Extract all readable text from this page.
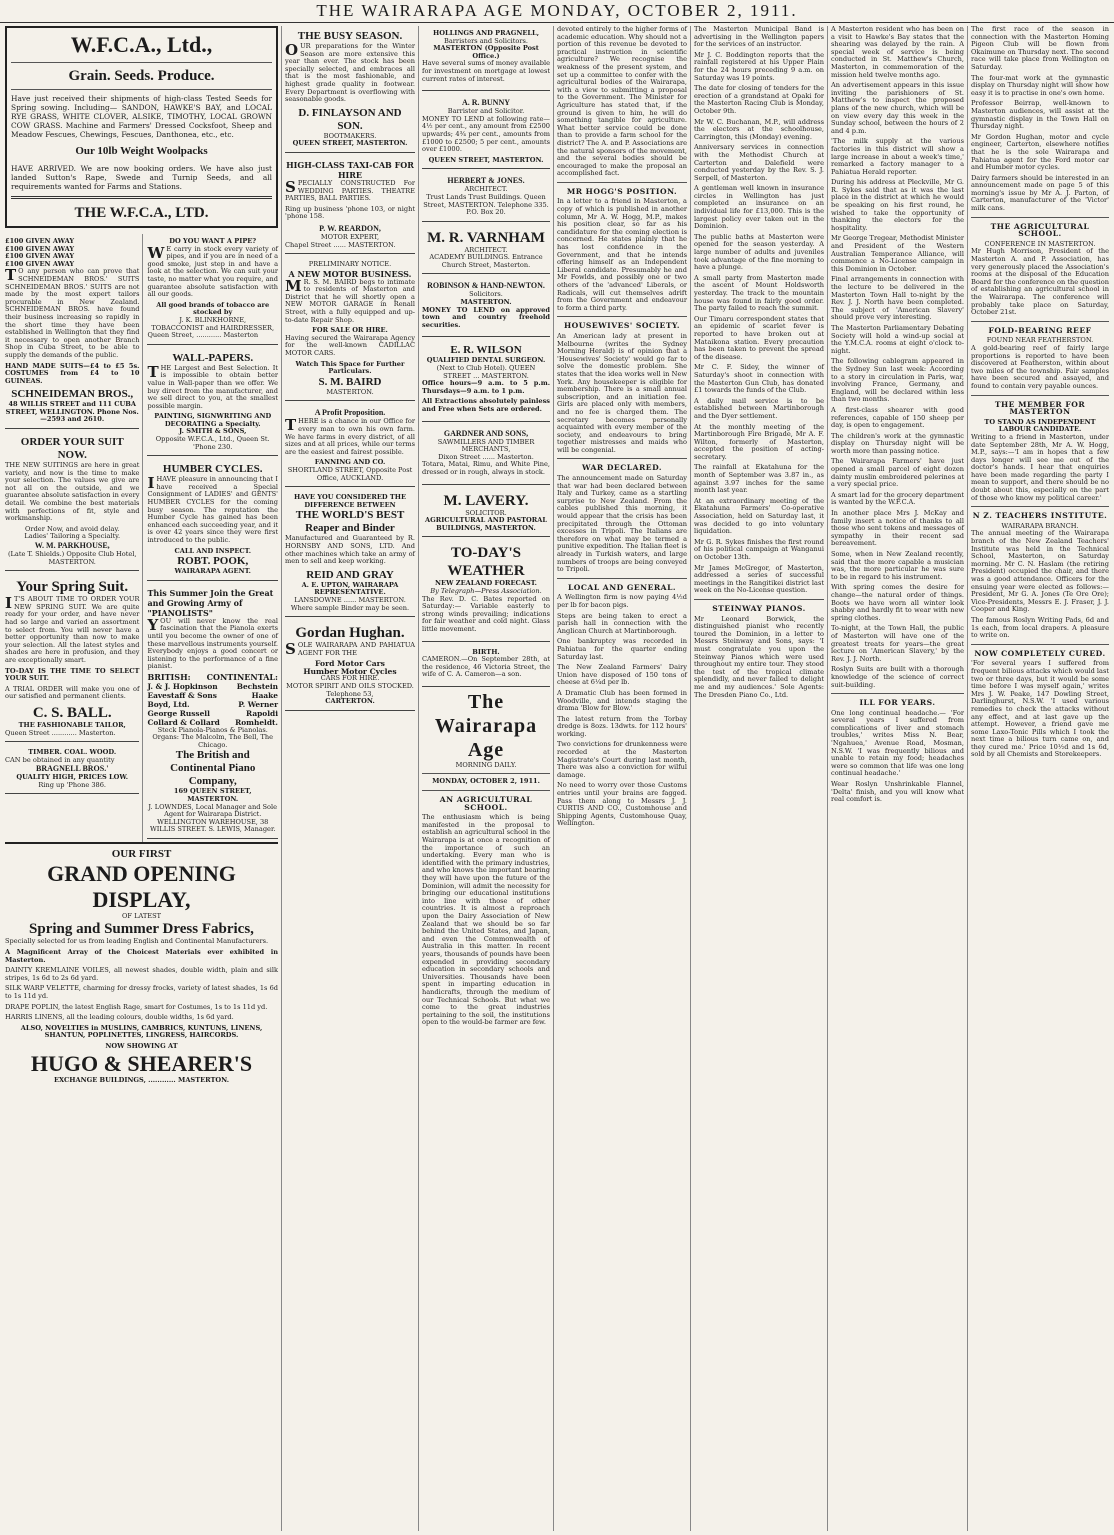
THE WAIRARAPA AGE MONDAY, OCTOBER 2, 1911.
W.F.C.A., Ltd.,
Grain. Seeds. Produce.

Have just received their shipments of high-class Tested Seeds for Spring sowing. Including— SANDON, HAWKE'S BAY, and LOCAL RYE GRASS, WHITE CLOVER, ALSIKE, TIMOTHY, LOCAL GROWN COW GRASS. Machine and Farmers' Dressed Cocksfoot, Sheep and Meadow Fescues, Chewings, Fescues, Danthonea, etc., etc.

Our 10lb Weight Woolpacks

HAVE ARRIVED. We are now booking orders. We have also just landed Sutton's Rape, Swede and Turnip Seeds, and all requirements wanted for Farms and Stations.

THE W.F.C.A., LTD.
£100 GIVEN AWAY
£100 GIVEN AWAY
£100 GIVEN AWAY
£100 GIVEN AWAY

TO any person who can prove that SCHNEIDEMAN BROS.' SUITS SCHNEIDEMAN BROS.' SUITS are not made by the most expert tailors procurable in New Zealand. SCHNEIDEMAN BROS. have found their business increasing so rapidly in the short time they have been established in Wellington that they find it necessary to open another Branch Shop in Cuba Street, to be able to supply the demands of the public.

HAND MADE SUITS—£4 to £5 5s. COSTUMES from £4 to 10 GUINEAS.

SCHNEIDEMAN BROS.,
48 WILLIS STREET and 111 CUBA STREET, WELLINGTON. Phone Nos.—2593 and 2610.
ORDER YOUR SUIT NOW.

THE NEW SUITINGS are here in great variety, and now is the time to make your selection. The values we give are not all on the outside, and we guarantee absolute satisfaction in every detail. We combine the best materials with perfections of fit, style and workmanship.

Order Now, and avoid delay.
Ladies' Tailoring a Specialty.
W. M. PARKHOUSE,
(Late T. Shields.) Opposite Club Hotel, MASTERTON.
Your Spring Suit.

IT'S ABOUT TIME TO ORDER YOUR NEW SPRING SUIT. We are quite ready for your order, and have never had so large and varied an assortment to select from. You will never have a better opportunity than now to make your selection. All the latest styles and shades are here in profusion, and they are exceptionally smart.

TO-DAY IS THE TIME TO SELECT YOUR SUIT.

A TRIAL ORDER will make you one of our satisfied and permanent clients.

C. S. BALL.
THE FASHIONABLE TAILOR,
Queen Street ............ Masterton.
TIMBER. COAL. WOOD.
CAN be obtained in any quantity
BRAGNELL BROS.'
QUALITY HIGH, PRICES LOW.
Ring up 'Phone 386.
DO YOU WANT A PIPE?

WE carry in stock every variety of pipes, and if you are in need of a good smoke, just step in and have a look at the selection. We can suit your taste, no matter what you require, and guarantee absolute satisfaction with all our goods.

All good brands of tobacco are stocked by
J. K. BLINKHORNE,
TOBACCONIST and HAIRDRESSER,
Queen Street, ............ Masterton
WALL-PAPERS.

THE Largest and Best Selection. It is impossible to obtain better value in Wall-paper than we offer. We buy direct from the manufacturer, and we sell direct to you, at the smallest possible margin.

PAINTING, SIGNWRITING AND DECORATING a Specialty.
J. SMITH & SONS,
Opposite W.F.C.A., Ltd., Queen St. 'Phone 230.
HUMBER CYCLES.

IHAVE pleasure in announcing that I have received a Special Consignment of LADIES' and GENTS' HUMBER CYCLES for the coming busy season. The reputation the Humber Cycle has gained has been enhanced each succeeding year, and it is over 42 years since they were first introduced to the public.

CALL AND INSPECT.
ROBT. POOK,
WAIRARAPA AGENT.
This Summer Join the Great and Growing Army of "PIANOLISTS"

YOU will never know the real fascination that the Pianola exerts until you become the owner of one of these marvellous instruments yourself. Everybody enjoys a good concert or listening to the performance of a fine pianist.

BRITISH: CONTINENTAL:
J. & J. Hopkinson
Eavestaff & Sons
Boyd, Ltd.
George Russell
Collard & Collard
Bechstein
Haake
P. Werner
Rapoldi
Romheldt.
Steck Pianola-Pianos & Pianolas.
Organs: The Malcolm, The Bell, The Chicago.
The British and Continental Piano Company,
169 QUEEN STREET, MASTERTON.
J. LOWNDES, Local Manager and Sole Agent for Wairarapa District.
WELLINGTON WAREHOUSE, 38 WILLIS STREET. S. LEWIS, Manager.
OUR FIRST
GRAND OPENING DISPLAY,
OF LATEST
Spring and Summer Dress Fabrics,

Specially selected for us from leading English and Continental Manufacturers.

A Magnificent Array of the Choicest Materials ever exhibited in Masterton.

DAINTY KREMLAINE VOILES, all newest shades, double width, plain and silk stripes, 1s 6d to 2s 6d yard.

SILK WARP VELETTE, charming for dressy frocks, variety of latest shades, 1s 6d to 1s 11d yd.

DRAPE POPLIN, the latest English Rage, smart for Costumes, 1s to 1s 11d yd.

HARRIS LINENS, all the leading colours, double widths, 1s 6d yard.

ALSO, NOVELTIES in MUSLINS, CAMBRICS, KUNTUNS, LINENS, SHANTUN, POPLINETTES, LINGRESS, HAIRCORDS.

NOW SHOWING AT
HUGO & SHEARER'S
EXCHANGE BUILDINGS, ............ MASTERTON.
THE BUSY SEASON.

OUR preparations for the Winter Season are more extensive this year than ever. The stock has been specially selected, and embraces all that is the most fashionable, and highest grade quality in footwear. Every Department is overflowing with seasonable goods.

D. FINLAYSON AND SON.
BOOTMAKERS.
QUEEN STREET, MASTERTON.
HIGH-CLASS TAXI-CAB FOR HIRE

SPECIALLY CONSTRUCTED For WEDDING PARTIES. THEATRE PARTIES, BALL PARTIES.

Ring up business 'phone 103, or night 'phone 158.

P. W. REARDON,
MOTOR EXPERT,
Chapel Street ...... MASTERTON.
PRELIMINARY NOTICE.
A NEW MOTOR BUSINESS.

MR. S. M. BAIRD begs to intimate to residents of Masterton and District that he will shortly open a NEW MOTOR GARAGE in Renall Street, with a fully equipped and up-to-date Repair Shop.

FOR SALE OR HIRE.

Having secured the Wairarapa Agency for the well-known CADILLAC MOTOR CARS.

Watch This Space for Further Particulars.
S. M. BAIRD
MASTERTON.
A Profit Proposition.

THERE is a chance in our Office for every man to own his own farm. We have farms in every district, of all sizes and at all prices, while our terms are the easiest and fairest possible.

FANNING AND CO.
SHORTLAND STREET, Opposite Post Office, AUCKLAND.
HAVE YOU CONSIDERED THE DIFFERENCE BETWEEN
THE WORLD'S BEST Reaper and Binder

Manufactured and Guaranteed by R. HORNSBY AND SONS, LTD. And other machines which take an army of men to sell and keep working.

REID AND GRAY
A. E. UPTON, WAIRARAPA REPRESENTATIVE.
LANSDOWNE ...... MASTERTON.
Where sample Binder may be seen.
Gordan Hughan.

SOLE WAIRARAPA AND PAHIATUA AGENT FOR THE

Ford Motor Cars
Humber Motor Cycles
CARS FOR HIRE.
MOTOR SPIRIT AND OILS STOCKED.
Telephone 53,
CARTERTON.
HOLLINGS AND PRAGNELL,
Barristers and Solicitors.
MASTERTON (Opposite Post Office.)

Have several sums of money available for investment on mortgage at lowest current rates of interest.

A. R. BUNNY
Barrister and Solicitor.

MONEY TO LEND at following rate—4½ per cent., any amount from £2500 upwards; 4¾ per cent., amounts from £1000 to £2500; 5 per cent., amounts over £1000.

QUEEN STREET, MASTERTON.
HERBERT & JONES.
ARCHITECT.
Trust Lands Trust Buildings. Queen Street, MASTERTON. Telephone 335. P.O. Box 20.
M. R. VARNHAM
ARCHITECT.
ACADEMY BUILDINGS. Entrance Church Street, Masterton.
ROBINSON & HAND-NEWTON.
Solicitors.
MASTERTON.

MONEY TO LEND on approved town and country freehold securities.

E. R. WILSON
QUALIFIED DENTAL SURGEON.
(Next to Club Hotel). QUEEN STREET ... MASTERTON.

Office hours—9 a.m. to 5 p.m. Thursdays—9 a.m. to 1 p.m.

All Extractions absolutely painless and Free when Sets are ordered.

GARDNER AND SONS,
SAWMILLERS AND TIMBER MERCHANTS,
Dixon Street ...... Masterton.

Totara, Matai, Rimu, and White Pine, dressed or in rough, always in stock.

M. LAVERY.
SOLICITOR.
AGRICULTURAL AND PASTORAL BUILDINGS, MASTERTON.
TO-DAY'S WEATHER
NEW ZEALAND FORECAST.
By Telegraph—Press Association.

The Rev. D. C. Bates reported on Saturday:— Variable easterly to strong winds prevailing; indications for fair weather and cold night. Glass little movement.

BIRTH.

CAMERON.—On September 28th, at the residence, 46 Victoria Street, the wife of C. A. Cameron—a son.

The Wairarapa Age
MORNING DAILY.
MONDAY, OCTOBER 2, 1911.
AN AGRICULTURAL SCHOOL.

The enthusiasm which is being manifested in the proposal to establish an agricultural school in the Wairarapa is at once a recognition of the importance of such an undertaking. Every man who is identified with the primary industries, and who knows the important bearing they will have upon the future of the Dominion, will admit the necessity for bringing our educational institutions into line with those of other countries. It is almost a reproach upon the Dairy Association of New Zealand that we should be so far behind the United States, and Japan, and even the Commonwealth of Australia in this matter. In recent years, thousands of pounds have been expended in providing secondary education in secondary schools and Universities. Thousands have been spent in imparting education in handicrafts, through the medium of our Technical Schools. But what we come to the great industries pertaining to the soil, the institutions open to the would-be farmer are few.

devoted entirely to the higher forms of academic education. Why should not a portion of this revenue be devoted to practical instruction in scientific agriculture? We recognise the weakness of the present system, and set up a committee to confer with the agricultural bodies of the Wairarapa, with a view to submitting a proposal to the Government. The Minister for Agriculture has stated that, if the ground is given to him, he will do something tangible for agriculture. What better service could be done than to provide a farm school for the district? The A. and P. Associations are the natural sponsors of the movement, and the several bodies should be encouraged to make the proposal an accomplished fact.

MR HOGG'S POSITION.

In a letter to a friend in Masterton, a copy of which is published in another column, Mr A. W. Hogg, M.P., makes his position clear, so far as his candidature for the coming election is concerned. He states plainly that he has lost confidence in the Government, and that he intends offering himself as an Independent Liberal candidate. Presumably he and Mr Fowlds, and possibly one or two others of the 'advanced' Liberals, or Radicals, will cut themselves adrift from the Government and endeavour to form a third party.

HOUSEWIVES' SOCIETY.

An American lady at present in Melbourne (writes the Sydney Morning Herald) is of opinion that a 'Housewives' Society' would go far to solve the domestic problem. She states that the idea works well in New York. Any housekeeper is eligible for membership. There is a small annual subscription, and an initiation fee. Girls are placed only with members, and no fee is charged them. The secretary becomes personally acquainted with every member of the society, and endeavours to bring together mistresses and maids who will be congenial.

WAR DECLARED.

The announcement made on Saturday that war had been declared between Italy and Turkey, came as a startling surprise to New Zealand. From the cables published this morning, it would appear that the crisis has been precipitated through the Ottoman excesses in Tripoli. The Italians are therefore on what may be termed a punitive expedition. The Italian fleet is already in Turkish waters, and large numbers of troops are being conveyed to Tripoli.

LOCAL AND GENERAL.

A Wellington firm is now paying 4½d per lb for bacon pigs.

Steps are being taken to erect a parish hall in connection with the Anglican Church at Martinborough.

One bankruptcy was recorded in Pahiatua for the quarter ending Saturday last.

The New Zealand Farmers' Dairy Union have disposed of 150 tons of cheese at 6¼d per lb.

A Dramatic Club has been formed in Woodville, and intends staging the drama 'Blow for Blow.'

The latest return from the Torbay dredge is 8ozs. 13dwts. for 112 hours' working.

Two convictions for drunkenness were recorded at the Masterton Magistrate's Court during last month, There was also a conviction for wilful damage.

No need to worry over those Customs entries until your brains are fagged. Pass them along to Messrs J. J. CURTIS AND CO., Customhouse and Shipping Agents, Customhouse Quay, Wellington.

The Masterton Municipal Band is advertising in the Wellington papers for the services of an instructor.

Mr J. C. Boddington reports that the rainfall registered at his Upper Plain for the 24 hours preceding 9 a.m. on Saturday was 19 points.

The date for closing of tenders for the erection of a grandstand at Opaki for the Masterton Racing Club is Monday, October 9th.

Mr W. C. Buchanan, M.P., will address the electors at the schoolhouse, Carrington, this (Monday) evening.

Anniversary services in connection with the Methodist Church at Carterton and Dalefield were conducted yesterday by the Rev. S. J. Serpell, of Masterton.

A gentleman well known in insurance circles in Wellington has just completed an insurance on an individual life for £13,000. This is the largest policy ever taken out in the Dominion.

The public baths at Masterton were opened for the season yesterday. A large number of adults and juveniles took advantage of the fine morning to have a plunge.

A small party from Masterton made the ascent of Mount Holdsworth yesterday. The track to the mountain house was found in fairly good order. The party failed to reach the summit.

Our Timaru correspondent states that an epidemic of scarlet fever is reported to have broken out at Mataikona station. Every precaution has been taken to prevent the spread of the disease.

Mr C. F. Sidey, the winner of Saturday's shoot in connection with the Masterton Gun Club, has donated £1 towards the funds of the Club.

A daily mail service is to be established between Martinborough and the Dyer settlement.

At the monthly meeting of the Martinborough Fire Brigade, Mr A. F. Wilton, formerly of Masterton, accepted the position of acting-secretary.

The rainfall at Ekatahuna for the month of September was 3.87 in., as against 3.97 inches for the same month last year.

At an extraordinary meeting of the Ekatahuna Farmers' Co-operative Association, held on Saturday last, it was decided to go into voluntary liquidation.

Mr G. R. Sykes finishes the first round of his political campaign at Wanganui on October 13th.

Mr James McGregor, of Masterton, addressed a series of successful meetings in the Rangitikei district last week on the No-License question.

STEINWAY PIANOS.

Mr Leonard Borwick, the distinguished pianist who recently toured the Dominion, in a letter to Messrs Steinway and Sons, says: 'I must congratulate you upon the Steinway Pianos which were used throughout my entire tour. They stood the test of the tropical climate splendidly, and never failed to delight me and my audiences.' Sole Agents: The Dresden Piano Co., Ltd.

A Masterton resident who has been on a visit to Hawke's Bay states that the shearing was delayed by the rain. A special week of service is being conducted in St. Matthew's Church, Masterton, in commemoration of the mission held twelve months ago.

An advertisement appears in this issue inviting the parishioners of St. Matthew's to inspect the proposed plans of the new church, which will be on view every day this week in the Sunday school, between the hours of 2 and 4 p.m.

'The milk supply at the various factories in this district will show a large increase in about a week's time,' remarked a factory manager to a Pahiatua Herald reporter.

During his address at Pleckville, Mr G. R. Sykes said that as it was the last place in the district at which he would be speaking on his first round, he wished to take the opportunity of thanking the electors for the hospitality.

Mr George Tregear, Methodist Minister and President of the Western Australian Temperance Alliance, will commence a No-License campaign in this Dominion in October.

Final arrangements in connection with the lecture to be delivered in the Masterton Town Hall to-night by the Rev. J. J. North have been completed. The subject of 'American Slavery' should prove very interesting.

The Masterton Parliamentary Debating Society will hold a wind-up social at the Y.M.C.A. rooms at eight o'clock to-night.

The following cablegram appeared in the Sydney Sun last week: According to a story in circulation in Paris, war, involving France, Germany, and England, will be declared within less than two months.

A first-class shearer with good references, capable of 150 sheep per day, is open to engagement.

The children's work at the gymnastic display on Thursday night will be worth more than passing notice.

The Wairarapa Farmers' have just opened a small parcel of eight dozen dainty muslin embroidered pelerines at a very special price.

A smart lad for the grocery department is wanted by the W.F.C.A.

In another place Mrs J. McKay and family insert a notice of thanks to all those who sent tokens and messages of sympathy in their recent sad bereavement.

Some, when in New Zealand recently, said that the more capable a musician was, the more particular he was sure to be in regard to his instrument.

With spring comes the desire for change—the natural order of things. Boots we have worn all winter look shabby and hardly fit to wear with new spring clothes.

To-night, at the Town Hall, the public of Masterton will have one of the greatest treats for years—the great lecture on 'American Slavery,' by the Rev. J. J. North.

Roslyn Suits are built with a thorough knowledge of the science of correct suit-building.

ILL FOR YEARS.

One long continual headache.— 'For several years I suffered from complications of liver and stomach troubles,' writes Miss N. Bear, 'Ngahuea,' Avenue Road, Mosman, N.S.W. 'I was frequently bilious and unable to retain my food; headaches were so common that life was one long continual headache.'

Wear Roslyn Unshrinkable Flannel, 'Delta' finish, and you will know what real comfort is.

The first race of the season in connection with the Masterton Homing Pigeon Club will be flown from Okaimune on Thursday next. The second race will take place from Wellington on Saturday.

The four-mat work at the gymnastic display on Thursday night will show how easy it is to practise in one's own home.

Professor Beirrap, well-known to Masterton audiences, will assist at the gymnastic display in the Town Hall on Thursday night.

Mr Gordon Hughan, motor and cycle engineer, Carterton, elsewhere notifies that he is the sole Wairarapa and Pahiatua agent for the Ford motor car and Humber motor cycles.

Dairy farmers should be interested in an announcement made on page 5 of this morning's issue by Mr A. J. Parton, of Carterton, manufacturer of the 'Victor' milk cans.

THE AGRICULTURAL SCHOOL.
CONFERENCE IN MASTERTON.

Mr Hugh Morrison, President of the Masterton A. and P. Association, has very generously placed the Association's rooms at the disposal of the Education Board for the conference on the question of establishing an agricultural school in the Wairarapa. The conference will probably take place on Saturday, October 21st.

FOLD-BEARING REEF
FOUND NEAR FEATHERSTON.

A gold-bearing reef of fairly large proportions is reported to have been discovered at Featherston, within about two miles of the township. Fair samples have been secured and assayed, and found to contain very payable ounces.

THE MEMBER FOR MASTERTON
TO STAND AS INDEPENDENT LABOUR CANDIDATE.

Writing to a friend in Masterton, under date September 28th, Mr A. W. Hogg, M.P., says:—'I am in hopes that a few days longer will see me out of the doctor's hands. I hear that enquiries have been made regarding the party I mean to support, and there should be no doubt about this, especially on the part of those who know my political career.'

N Z. TEACHERS INSTITUTE.
WAIRARAPA BRANCH.

The annual meeting of the Wairarapa branch of the New Zealand Teachers' Institute was held in the Technical School, Masterton, on Saturday morning. Mr C. N. Haslam (the retiring President) occupied the chair, and there was a good attendance. Officers for the ensuing year were elected as follows:— President, Mr G. A. Jones (Te Ore Ore); Vice-Presidents, Messrs E. J. Fraser, J. J. Cooper and King.

The famous Roslyn Writing Pads, 6d and 1s each, from local drapers. A pleasure to write on.

NOW COMPLETELY CURED.

'For several years I suffered from frequent bilious attacks which would last two or three days, but it would be some time before I was myself again,' writes Mrs J. W. Peake, 147 Dowling Street, Darlinghurst, N.S.W. 'I used various remedies to check the attacks without any effect, and at last gave up the attempt. However, a friend gave me some Laxo-Tonic Pills which I took the next time a bilious turn came on, and they cured me.' Price 10½d and 1s 6d, sold by all Chemists and Storekeepers.
